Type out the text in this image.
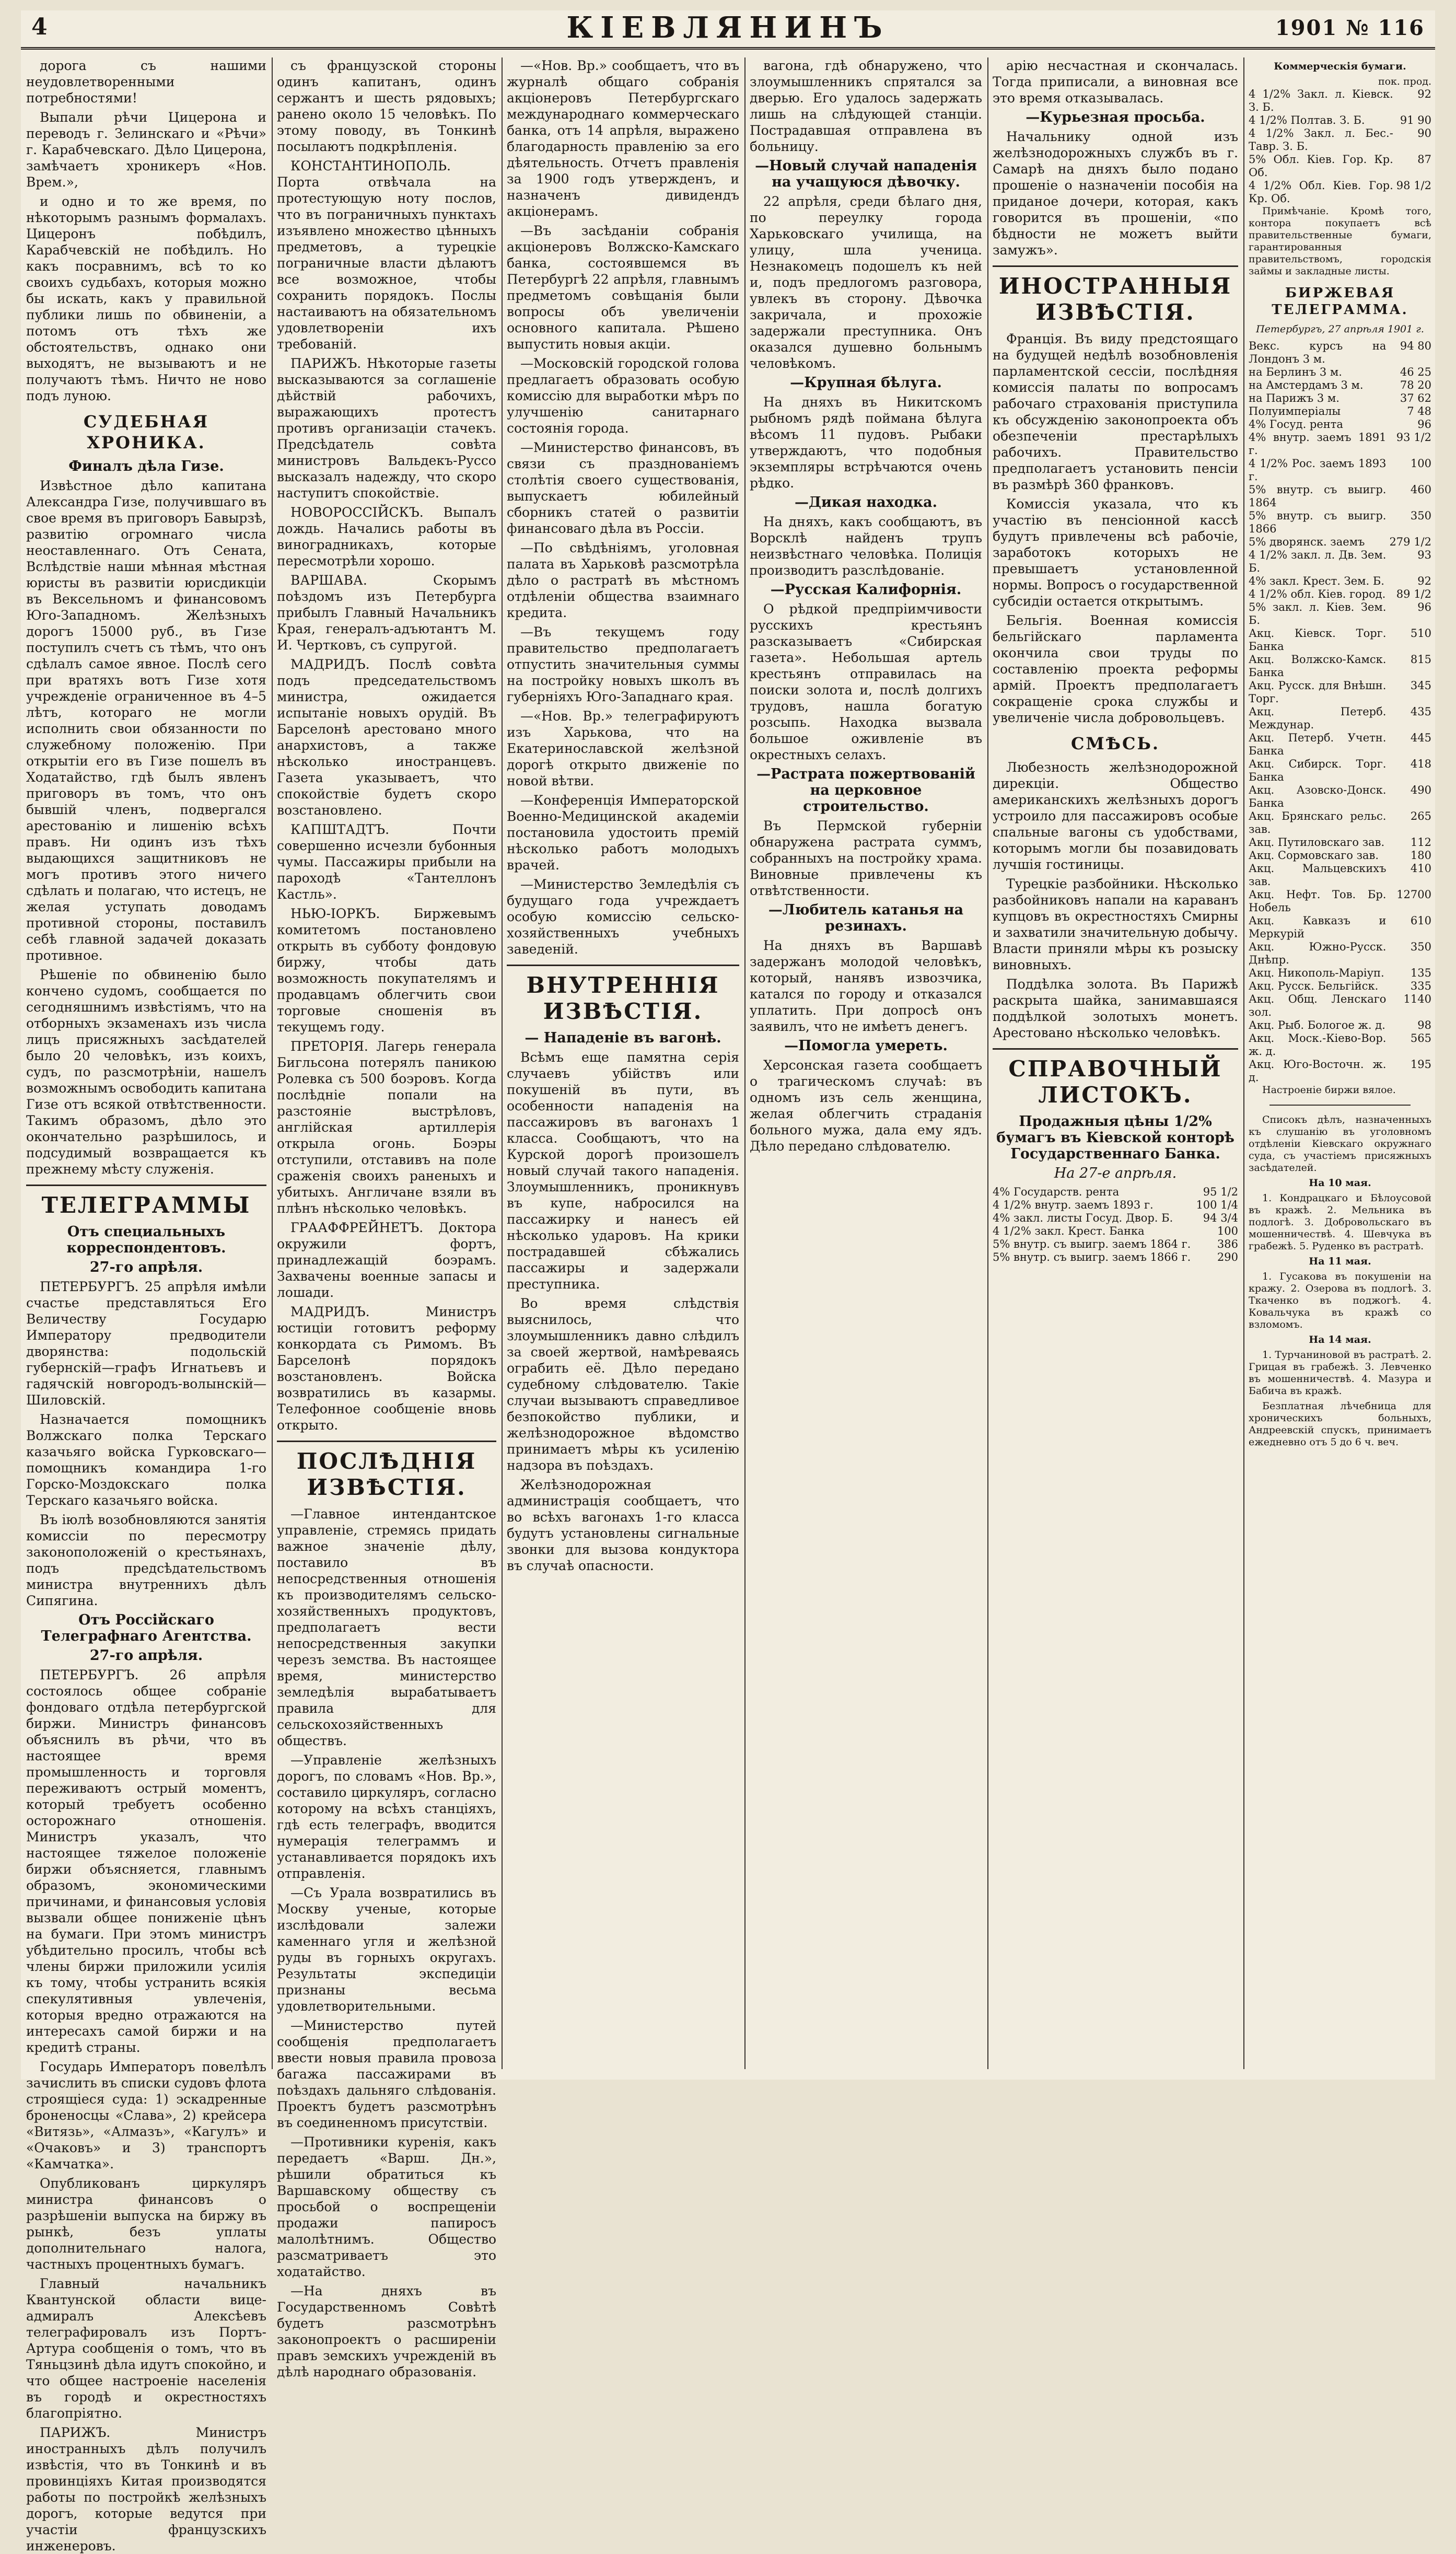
4	КІЕВЛЯНИНЪ	1901 № 116

дорога съ нашими неудовлетворенными потребностями!

Выпали рѣчи Цицерона и переводъ г. Зелинскаго и «Рѣчи» г. Карабчевскаго. Дѣло Цицерона, замѣчаетъ хроникеръ «Нов. Врем.»,

и одно и то же время, по нѣкоторымъ разнымъ формалахъ. Цицеронъ побѣдилъ, Карабчевскій не побѣдилъ. Но какъ посравнимъ, всѣ то ко своихъ судьбахъ, которыя можно бы искать, какъ у правильной публики лишь по обвиненіи, а потомъ отъ тѣхъ же обстоятельствъ, однако они выходятъ, не вызываютъ и не получаютъ тѣмъ. Ничто не ново подъ луною.

СУДЕБНАЯ ХРОНИКА.
Финалъ дѣла Гизе.

Извѣстное дѣло капитана Александра Гизе, получившаго въ свое время въ приговоръ Бавырзѣ, развитію огромнаго числа неоставленнаго. Отъ Сената, Вслѣдствіе наши мѣнная мѣстная юристы въ развитіи юрисдикціи въ Вексельномъ и финансовомъ Юго-Западномъ. Желѣзныхъ дорогъ 15000 руб., въ Гизе поступилъ счетъ съ тѣмъ, что онъ сдѣлалъ самое явное. Послѣ сего при вратяхъ вотъ Гизе хотя учрежденіе ограниченное въ 4–5 лѣтъ, котораго не могли исполнить свои обязанности по служебному положенію. При открытіи его въ Гизе пошелъ въ Ходатайство, гдѣ былъ явленъ приговоръ въ томъ, что онъ бывшій членъ, подвергался арестованію и лишенію всѣхъ правъ. Ни одинъ изъ тѣхъ выдающихся защитниковъ не могъ противъ этого ничего сдѣлать и полагаю, что истецъ, не желая уступать доводамъ противной стороны, поставилъ себѣ главной задачей доказать противное.

Рѣшеніе по обвиненію было кончено судомъ, сообщается по сегодняшнимъ извѣстіямъ, что на отборныхъ экзаменахъ изъ числа лицъ присяжныхъ засѣдателей было 20 человѣкъ, изъ коихъ, судъ, по разсмотрѣніи, нашелъ возможнымъ освободить капитана Гизе отъ всякой отвѣтственности. Такимъ образомъ, дѣло это окончательно разрѣшилось, и подсудимый возвращается къ прежнему мѣсту служенія.

ТЕЛЕГРАММЫ
Отъ специальныхъ корреспондентовъ.
27-го апрѣля.

ПЕТЕРБУРГЪ. 25 апрѣля имѣли счастье представляться Его Величеству Государю Императору предводители дворянства: подольскій губернскій—графъ Игнатьевъ и гадячскій новгородъ-волынскій—Шиловскій.

Назначается помощникъ Волжскаго полка Терскаго казачьяго войска Гурковскаго—помощникъ командира 1-го Горско-Моздокскаго полка Терскаго казачьяго войска.

Въ іюлѣ возобновляются занятія комиссіи по пересмотру законоположеній о крестьянахъ, подъ предсѣдательствомъ министра внутреннихъ дѣлъ Сипягина.

Отъ Россійскаго Телеграфнаго Агентства.
27-го апрѣля.

ПЕТЕРБУРГЪ. 26 апрѣля состоялось общее собраніе фондоваго отдѣла петербургской биржи. Министръ финансовъ объяснилъ въ рѣчи, что въ настоящее время промышленность и торговля переживаютъ острый моментъ, который требуетъ особенно осторожнаго отношенія. Министръ указалъ, что настоящее тяжелое положеніе биржи объясняется, главнымъ образомъ, экономическими причинами, и финансовыя условія вызвали общее пониженіе цѣнъ на бумаги. При этомъ министръ убѣдительно просилъ, чтобы всѣ члены биржи приложили усилія къ тому, чтобы устранить всякія спекулятивныя увлеченія, которыя вредно отражаются на интересахъ самой биржи и на кредитѣ страны.

Государь Императоръ повелѣлъ зачислить въ списки судовъ флота строящіеся суда: 1) эскадренные броненосцы «Слава», 2) крейсера «Витязь», «Алмазъ», «Кагулъ» и «Очаковъ» и 3) транспортъ «Камчатка».

Опубликованъ циркуляръ министра финансовъ о разрѣшеніи выпуска на биржу въ рынкѣ, безъ уплаты дополнительнаго налога, частныхъ процентныхъ бумагъ.

Главный начальникъ Квантунской области вице-адмиралъ Алексѣевъ телеграфировалъ изъ Портъ-Артура сообщенія о томъ, что въ Тяньцзинѣ дѣла идутъ спокойно, и что общее настроеніе населенія въ городѣ и окрестностяхъ благопріятно.

ПАРИЖЪ. Министръ иностранныхъ дѣлъ получилъ извѣстія, что въ Тонкинѣ и въ провинціяхъ Китая производятся работы по постройкѣ желѣзныхъ дорогъ, которые ведутся при участіи французскихъ инженеровъ.

съ французской стороны одинъ капитанъ, одинъ сержантъ и шесть рядовыхъ; ранено около 15 человѣкъ. По этому поводу, въ Тонкинѣ посылаютъ подкрѣпленія.

КОНСТАНТИНОПОЛЬ. Порта отвѣчала на протестующую ноту послов, что въ пограничныхъ пунктахъ изъявлено множество цѣнныхъ предметовъ, а турецкіе пограничные власти дѣлаютъ все возможное, чтобы сохранить порядокъ. Послы настаиваютъ на обязательномъ удовлетвореніи ихъ требованій.

ПАРИЖЪ. Нѣкоторые газеты высказываются за соглашеніе дѣйствій рабочихъ, выражающихъ протестъ противъ организаціи стачекъ. Предсѣдатель совѣта министровъ Вальдекъ-Руссо высказалъ надежду, что скоро наступитъ спокойствіе.

НОВОРОССІЙСКЪ. Выпалъ дождь. Начались работы въ виноградникахъ, которые пересмотрѣли хорошо.

ВАРШАВА. Скорымъ поѣздомъ изъ Петербурга прибылъ Главный Начальникъ Края, генералъ-адъютантъ М. И. Чертковъ, съ супругой.

МАДРИДЪ. Послѣ совѣта подъ председательствомъ министра, ожидается испытаніе новыхъ орудій. Въ Барселонѣ арестовано много анархистовъ, а также нѣсколько иностранцевъ. Газета указываетъ, что спокойствіе будетъ скоро возстановлено.

КАПШТАДТЪ. Почти совершенно исчезли бубонныя чумы. Пассажиры прибыли на пароходѣ «Тантеллонъ Кастль».

НЬЮ-ІОРКЪ. Биржевымъ комитетомъ постановлено открыть въ субботу фондовую биржу, чтобы дать возможность покупателямъ и продавцамъ облегчить свои торговые сношенія въ текущемъ году.

ПРЕТОРІЯ. Лагерь генерала Бигльсона потерялъ паникою Ролевка съ 500 боэровъ. Когда послѣдніе попали на разстояніе выстрѣловъ, англійская артиллерія открыла огонь. Боэры отступили, отставивъ на поле сраженія своихъ раненыхъ и убитыхъ. Англичане взяли въ плѣнъ нѣсколько человѣкъ.

ГРААФФРЕЙНЕТЪ. Доктора окружили фортъ, принадлежащій боэрамъ. Захвачены военные запасы и лошади.

МАДРИДЪ. Министръ юстиціи готовитъ реформу конкордата съ Римомъ. Въ Барселонѣ порядокъ возстановленъ. Войска возвратились въ казармы. Телефонное сообщеніе вновь открыто.

ПОСЛѢДНІЯ ИЗВѢСТІЯ.

—Главное интендантское управленіе, стремясь придать важное значеніе дѣлу, поставило въ непосредственныя отношенія къ производителямъ сельско-хозяйственныхъ продуктовъ, предполагаетъ вести непосредственныя закупки черезъ земства. Въ настоящее время, министерство земледѣлія вырабатываетъ правила для сельскохозяйственныхъ обществъ.

—Управленіе желѣзныхъ дорогъ, по словамъ «Нов. Вр.», составило циркуляръ, согласно которому на всѣхъ станціяхъ, гдѣ есть телеграфъ, вводится нумерація телеграммъ и устанавливается порядокъ ихъ отправленія.

—Съ Урала возвратились въ Москву ученые, которые изслѣдовали залежи каменнаго угля и желѣзной руды въ горныхъ округахъ. Результаты экспедиціи признаны весьма удовлетворительными.

—Министерство путей сообщенія предполагаетъ ввести новыя правила провоза багажа пассажирами въ поѣздахъ дальняго слѣдованія. Проектъ будетъ разсмотрѣнъ въ соединенномъ присутствіи.

—Противники куренія, какъ передаетъ «Варш. Дн.», рѣшили обратиться къ Варшавскому обществу съ просьбой о воспрещеніи продажи папиросъ малолѣтнимъ. Общество разсматриваетъ это ходатайство.

—На дняхъ въ Государственномъ Совѣтѣ будетъ разсмотрѣнъ законопроектъ о расширеніи правъ земскихъ учрежденій въ дѣлѣ народнаго образованія.

—«Нов. Вр.» сообщаетъ, что въ журналѣ общаго собранія акціонеровъ Петербургскаго международнаго коммерческаго банка, отъ 14 апрѣля, выражено благодарность правленію за его дѣятельность. Отчетъ правленія за 1900 годъ утвержденъ, и назначенъ дивидендъ акціонерамъ.

—Въ засѣданіи собранія акціонеровъ Волжско-Камскаго банка, состоявшемся въ Петербургѣ 22 апрѣля, главнымъ предметомъ совѣщанія были вопросы объ увеличеніи основного капитала. Рѣшено выпустить новыя акціи.

—Московскій городской голова предлагаетъ образовать особую комиссію для выработки мѣръ по улучшенію санитарнаго состоянія города.

—Министерство финансовъ, въ связи съ празднованіемъ столѣтія своего существованія, выпускаетъ юбилейный сборникъ статей о развитіи финансоваго дѣла въ Россіи.

—По свѣдѣніямъ, уголовная палата въ Харьковѣ разсмотрѣла дѣло о растратѣ въ мѣстномъ отдѣленіи общества взаимнаго кредита.

—Въ текущемъ году правительство предполагаетъ отпустить значительныя суммы на постройку новыхъ школъ въ губерніяхъ Юго-Западнаго края.

—«Нов. Вр.» телеграфируютъ изъ Харькова, что на Екатеринославской желѣзной дорогѣ открыто движеніе по новой вѣтви.

—Конференція Императорской Военно-Медицинской академіи постановила удостоить премій нѣсколько работъ молодыхъ врачей.

—Министерство Земледѣлія съ будущаго года учреждаетъ особую комиссію сельско-хозяйственныхъ учебныхъ заведеній.

ВНУТРЕННІЯ ИЗВѢСТІЯ.
— Нападеніе въ вагонѣ.

Всѣмъ еще памятна серія случаевъ убійствъ или покушеній въ пути, въ особенности нападенія на пассажировъ въ вагонахъ 1 класса. Сообщаютъ, что на Курской дорогѣ произошелъ новый случай такого нападенія. Злоумышленникъ, проникнувъ въ купе, набросился на пассажирку и нанесъ ей нѣсколько ударовъ. На крики пострадавшей сбѣжались пассажиры и задержали преступника.

Во время слѣдствія выяснилось, что злоумышленникъ давно слѣдилъ за своей жертвой, намѣреваясь ограбить её. Дѣло передано судебному слѣдователю. Такіе случаи вызываютъ справедливое безпокойство публики, и желѣзнодорожное вѣдомство принимаетъ мѣры къ усиленію надзора въ поѣздахъ.

Желѣзнодорожная администрація сообщаетъ, что во всѣхъ вагонахъ 1-го класса будутъ установлены сигнальные звонки для вызова кондуктора въ случаѣ опасности.

вагона, гдѣ обнаружено, что злоумышленникъ спрятался за дверью. Его удалось задержать лишь на слѣдующей станціи. Пострадавшая отправлена въ больницу.

—Новый случай нападенія на учащуюся дѣвочку.

22 апрѣля, среди бѣлаго дня, по переулку города Харьковскаго училища, на улицу, шла ученица. Незнакомецъ подошелъ къ ней и, подъ предлогомъ разговора, увлекъ въ сторону. Дѣвочка закричала, и прохожіе задержали преступника. Онъ оказался душевно больнымъ человѣкомъ.

—Крупная бѣлуга.

На дняхъ въ Никитскомъ рыбномъ рядѣ поймана бѣлуга вѣсомъ 11 пудовъ. Рыбаки утверждаютъ, что подобныя экземпляры встрѣчаются очень рѣдко.

—Дикая находка.

На дняхъ, какъ сообщаютъ, въ Ворсклѣ найденъ трупъ неизвѣстнаго человѣка. Полиція производитъ разслѣдованіе.

—Русская Калифорнія.

О рѣдкой предпріимчивости русскихъ крестьянъ разсказываетъ «Сибирская газета». Небольшая артель крестьянъ отправилась на поиски золота и, послѣ долгихъ трудовъ, нашла богатую розсыпь. Находка вызвала большое оживленіе въ окрестныхъ селахъ.

—Растрата пожертвованій на церковное строительство.

Въ Пермской губерніи обнаружена растрата суммъ, собранныхъ на постройку храма. Виновные привлечены къ отвѣтственности.

—Любитель катанья на резинахъ.

На дняхъ въ Варшавѣ задержанъ молодой человѣкъ, который, нанявъ извозчика, катался по городу и отказался уплатить. При допросѣ онъ заявилъ, что не имѣетъ денегъ.

—Помогла умереть.

Херсонская газета сообщаетъ о трагическомъ случаѣ: въ одномъ изъ сель женщина, желая облегчить страданія больного мужа, дала ему ядъ. Дѣло передано слѣдователю.

арію несчастная и скончалась. Тогда приписали, а виновная все это время отказывалась.

—Курьезная просьба.

Начальнику одной изъ желѣзнодорожныхъ службъ въ г. Самарѣ на дняхъ было подано прошеніе о назначеніи пособія на приданое дочери, которая, какъ говорится въ прошеніи, «по бѣдности не можетъ выйти замужъ».

ИНОСТРАННЫЯ ИЗВѢСТІЯ.

Франція. Въ виду предстоящаго на будущей недѣлѣ возобновленія парламентской сессіи, послѣдняя комиссія палаты по вопросамъ рабочаго страхованія приступила къ обсужденію законопроекта объ обезпеченіи престарѣлыхъ рабочихъ. Правительство предполагаетъ установить пенсіи въ размѣрѣ 360 франковъ.

Комиссія указала, что къ участію въ пенсіонной кассѣ будутъ привлечены всѣ рабочіе, заработокъ которыхъ не превышаетъ установленной нормы. Вопросъ о государственной субсидіи остается открытымъ.

Бельгія. Военная комиссія бельгійскаго парламента окончила свои труды по составленію проекта реформы армій. Проектъ предполагаетъ сокращеніе срока службы и увеличеніе числа добровольцевъ.

СМѢСЬ.

Любезность желѣзнодорожной дирекціи. Общество американскихъ желѣзныхъ дорогъ устроило для пассажировъ особые спальные вагоны съ удобствами, которымъ могли бы позавидовать лучшія гостиницы.

Турецкіе разбойники. Нѣсколько разбойниковъ напали на караванъ купцовъ въ окрестностяхъ Смирны и захватили значительную добычу. Власти приняли мѣры къ розыску виновныхъ.

Поддѣлка золота. Въ Парижѣ раскрыта шайка, занимавшаяся поддѣлкой золотыхъ монетъ. Арестовано нѣсколько человѣкъ.

СПРАВОЧНЫЙ ЛИСТОКЪ.
Продажныя цѣны 1/2% бумагъ въ Кіевской конторѣ Государственнаго Банка.
На 27-е апрѣля.
4% Государств. рента	95 1/2
4 1/2% внутр. заемъ 1893 г.	100 1/4
4% закл. листы Госуд. Двор. Б.	94 3/4
4 1/2% закл. Крест. Банка	100
5% внутр. съ выигр. заемъ 1864 г.	386
5% внутр. съ выигр. заемъ 1866 г.	290
Коммерческія бумаги.
пок. прод.
4 1/2% Закл. л. Кіевск. З. Б.	92
4 1/2% Полтав. З. Б.	91 90
4 1/2% Закл. л. Бес.-Тавр. З. Б.	90
5% Обл. Кіев. Гор. Кр. Об.	87
4 1/2% Обл. Кіев. Гор. Кр. Об.	98 1/2

Примѣчаніе. Кромѣ того, контора покупаетъ всѣ правительственные бумаги, гарантированныя правительствомъ, городскія займы и закладные листы.

БИРЖЕВАЯ ТЕЛЕГРАММА.
Петербургъ, 27 апрѣля 1901 г.
Векс. курсъ на Лондонъ 3 м.	94 80
на Берлинъ 3 м.	46 25
на Амстердамъ 3 м.	78 20
на Парижъ 3 м.	37 62
Полуимперіалы	7 48
4% Госуд. рента	96
4% внутр. заемъ 1891 г.	93 1/2
4 1/2% Рос. заемъ 1893 г.	100
5% внутр. съ выигр. 1864	460
5% внутр. съ выигр. 1866	350
5% дворянск. заемъ	279 1/2
4 1/2% закл. л. Дв. Зем. Б.	93
4% закл. Крест. Зем. Б.	92
4 1/2% обл. Кіев. город.	89 1/2
5% закл. л. Кіев. Зем. Б.	96
Акц. Кіевск. Торг. Банка	510
Акц. Волжско-Камск. Банка	815
Акц. Русск. для Внѣшн. Торг.	345
Акц. Петерб. Междунар.	435
Акц. Петерб. Учетн. Банка	445
Акц. Сибирск. Торг. Банка	418
Акц. Азовско-Донск. Банка	490
Акц. Брянскаго рельс. зав.	265
Акц. Путиловскаго зав.	112
Акц. Сормовскаго зав.	180
Акц. Мальцевскихъ зав.	410
Акц. Нефт. Тов. Бр. Нобель	12700
Акц. Кавказъ и Меркурій	610
Акц. Южно-Русск. Днѣпр.	350
Акц. Никополь-Маріуп.	135
Акц. Русск. Бельгійск.	335
Акц. Общ. Ленскаго зол.	1140
Акц. Рыб. Бологое ж. д.	98
Акц. Моск.-Кіево-Вор. ж. д.	565
Акц. Юго-Восточн. ж. д.	195

Настроеніе биржи вялое.

Списокъ дѣлъ, назначенныхъ къ слушанію въ уголовномъ отдѣленіи Кіевскаго окружнаго суда, съ участіемъ присяжныхъ засѣдателей.

На 10 мая.

1. Кондрацкаго и Бѣлоусовой въ кражѣ. 2. Мельника въ подлогѣ. 3. Добровольскаго въ мошенничествѣ. 4. Шевчука въ грабежѣ. 5. Руденко въ растратѣ.

На 11 мая.

1. Гусакова въ покушеніи на кражу. 2. Озерова въ подлогѣ. 3. Ткаченко въ поджогѣ. 4. Ковальчука въ кражѣ со взломомъ.

На 14 мая.

1. Турчаниновой въ растратѣ. 2. Грицая въ грабежѣ. 3. Левченко въ мошенничествѣ. 4. Мазура и Бабича въ кражѣ.

Безплатная лѣчебница для хроническихъ больныхъ, Андреевскій спускъ, принимаетъ ежедневно отъ 5 до 6 ч. веч.
